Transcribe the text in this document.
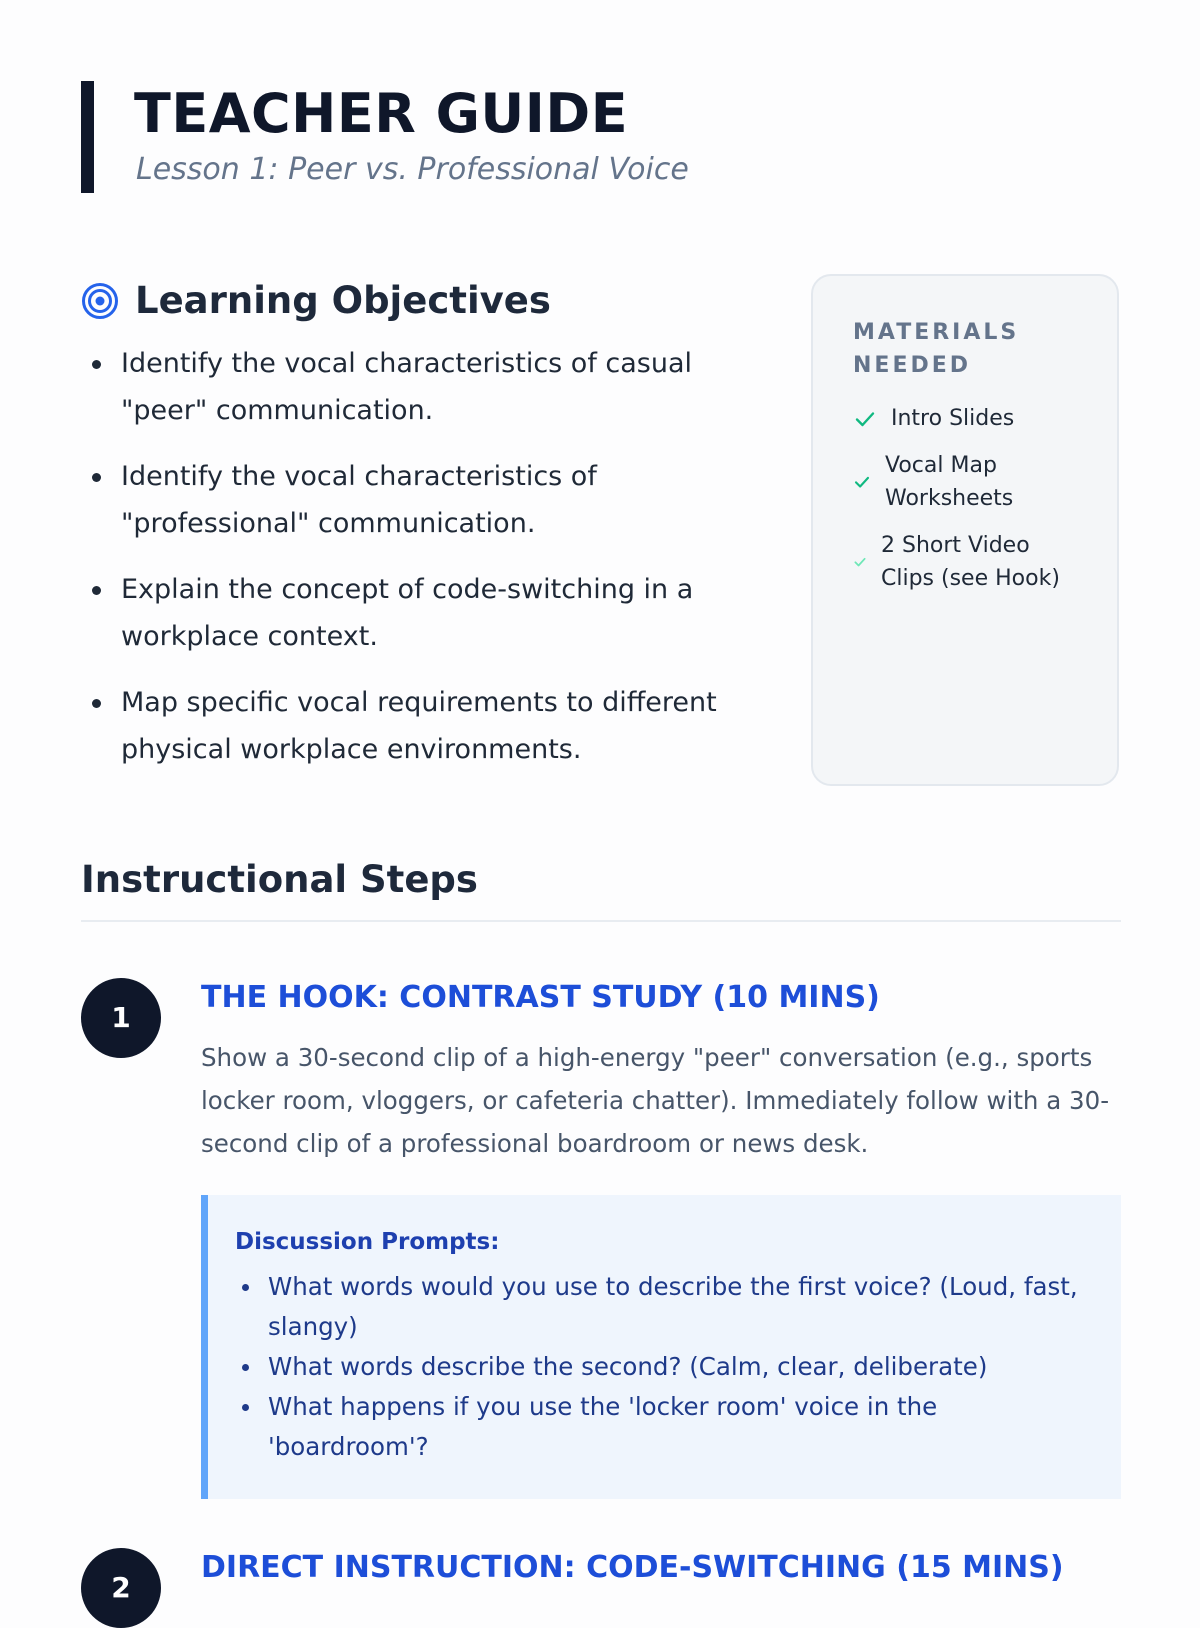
TEACHER GUIDE

Lesson 1: Peer vs. Professional Voice

Learning Objectives
Identify the vocal characteristics of casual "peer" communication.
Identify the vocal characteristics of "professional" communication.
Explain the concept of code-switching in a workplace context.
Map specific vocal requirements to different physical workplace environments.
MATERIALS NEEDED
Intro Slides
Vocal Map Worksheets
2 Short Video Clips (see Hook)
Instructional Steps
1
THE HOOK: CONTRAST STUDY (10 MINS)

Show a 30-second clip of a high-energy "peer" conversation (e.g., sports locker room, vloggers, or cafeteria chatter). Immediately follow with a 30-second clip of a professional boardroom or news desk.

Discussion Prompts:

What words would you use to describe the first voice? (Loud, fast, slangy)
What words describe the second? (Calm, clear, deliberate)
What happens if you use the 'locker room' voice in the 'boardroom'?
2
DIRECT INSTRUCTION: CODE-SWITCHING (15 MINS)
